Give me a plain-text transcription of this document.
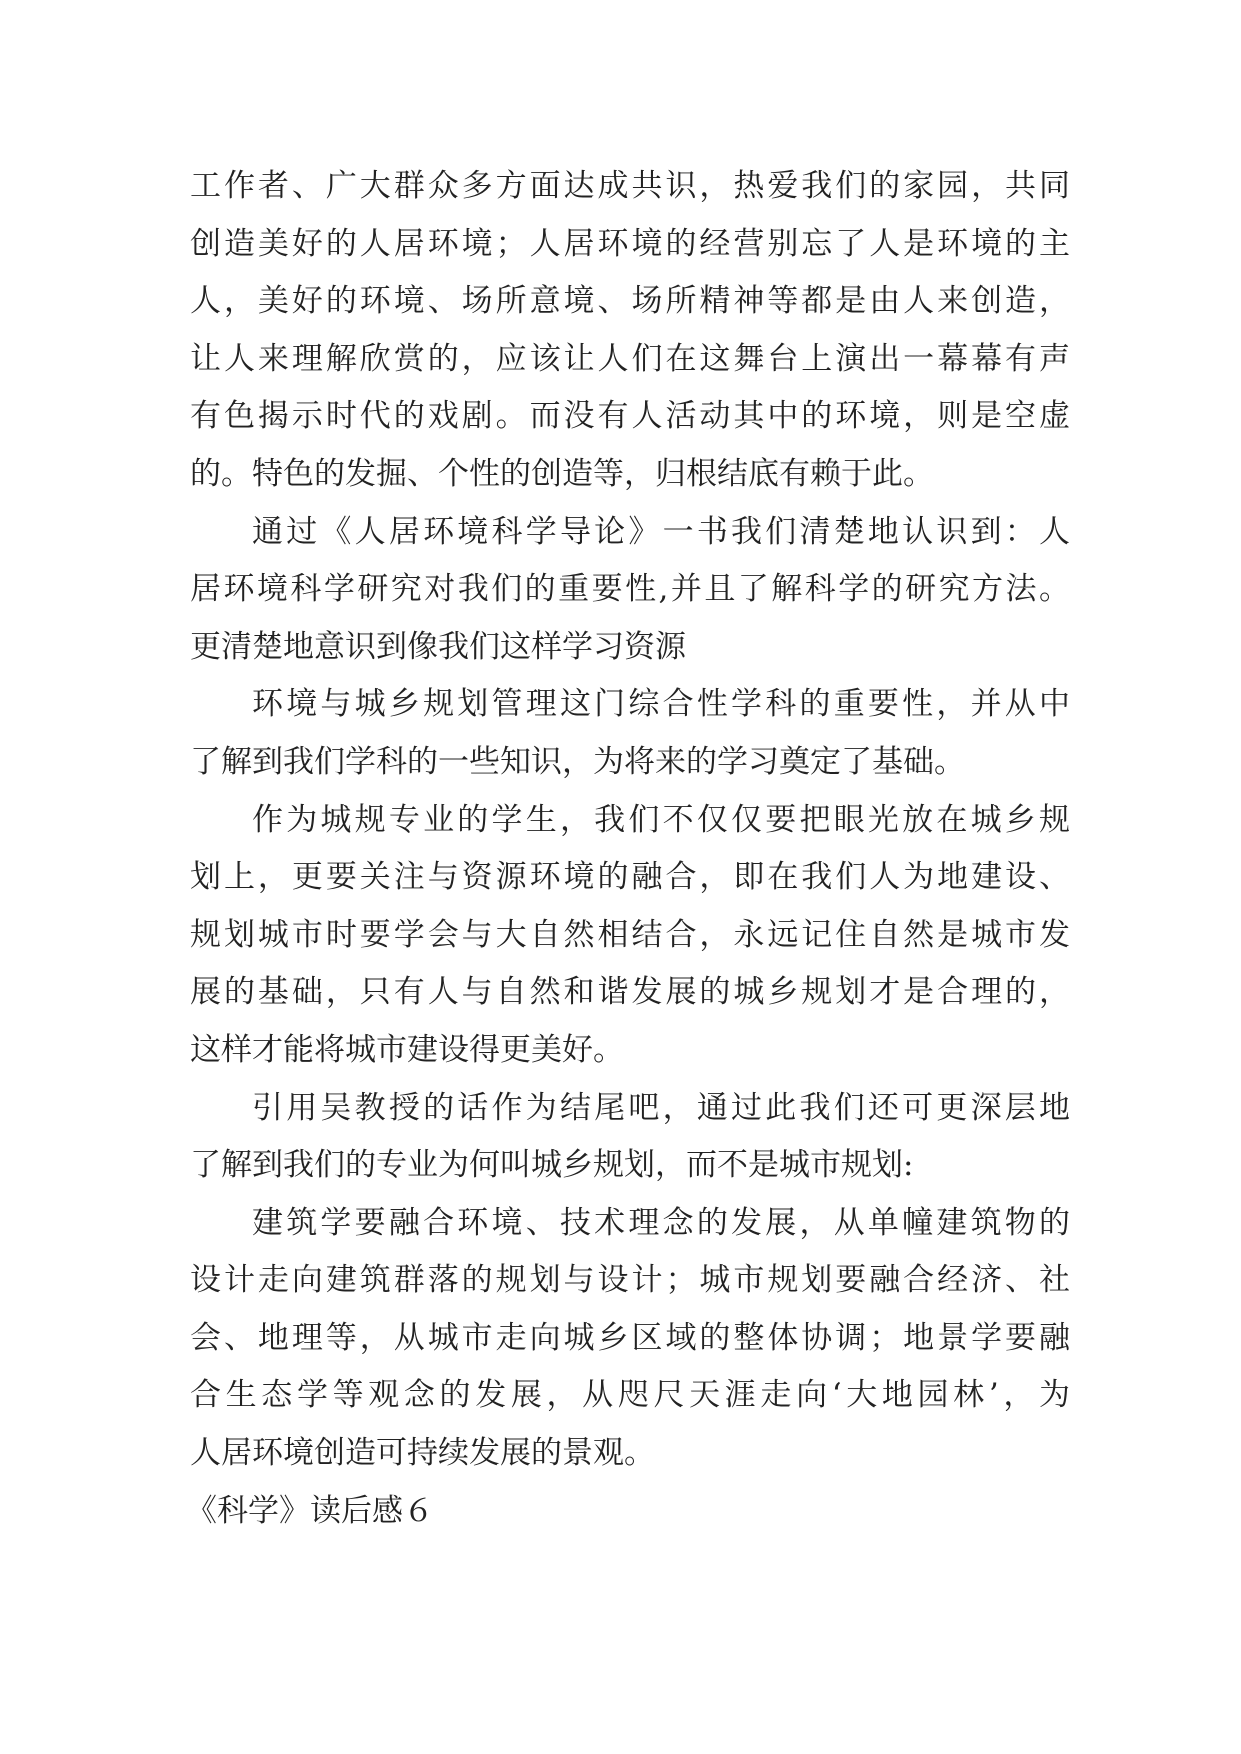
工作者、广大群众多方面达成共识，热爱我们的家园，共同
创造美好的人居环境；人居环境的经营别忘了人是环境的主
人，美好的环境、场所意境、场所精神等都是由人来创造，
让人来理解欣赏的，应该让人们在这舞台上演出一幕幕有声
有色揭示时代的戏剧。而没有人活动其中的环境，则是空虚
的。特色的发掘、个性的创造等，归根结底有赖于此。
通过《人居环境科学导论》一书我们清楚地认识到：人
居环境科学研究对我们的重要性,并且了解科学的研究方法。
更清楚地意识到像我们这样学习资源
环境与城乡规划管理这门综合性学科的重要性，并从中
了解到我们学科的一些知识，为将来的学习奠定了基础。
作为城规专业的学生，我们不仅仅要把眼光放在城乡规
划上，更要关注与资源环境的融合，即在我们人为地建设、
规划城市时要学会与大自然相结合，永远记住自然是城市发
展的基础，只有人与自然和谐发展的城乡规划才是合理的，
这样才能将城市建设得更美好。
引用吴教授的话作为结尾吧，通过此我们还可更深层地
了解到我们的专业为何叫城乡规划，而不是城市规划:
建筑学要融合环境、技术理念的发展，从单幢建筑物的
设计走向建筑群落的规划与设计；城市规划要融合经济、社
会、地理等，从城市走向城乡区域的整体协调；地景学要融
合生态学等观念的发展，从咫尺天涯走向‘大地园林’，为
人居环境创造可持续发展的景观。
《科学》读后感６
